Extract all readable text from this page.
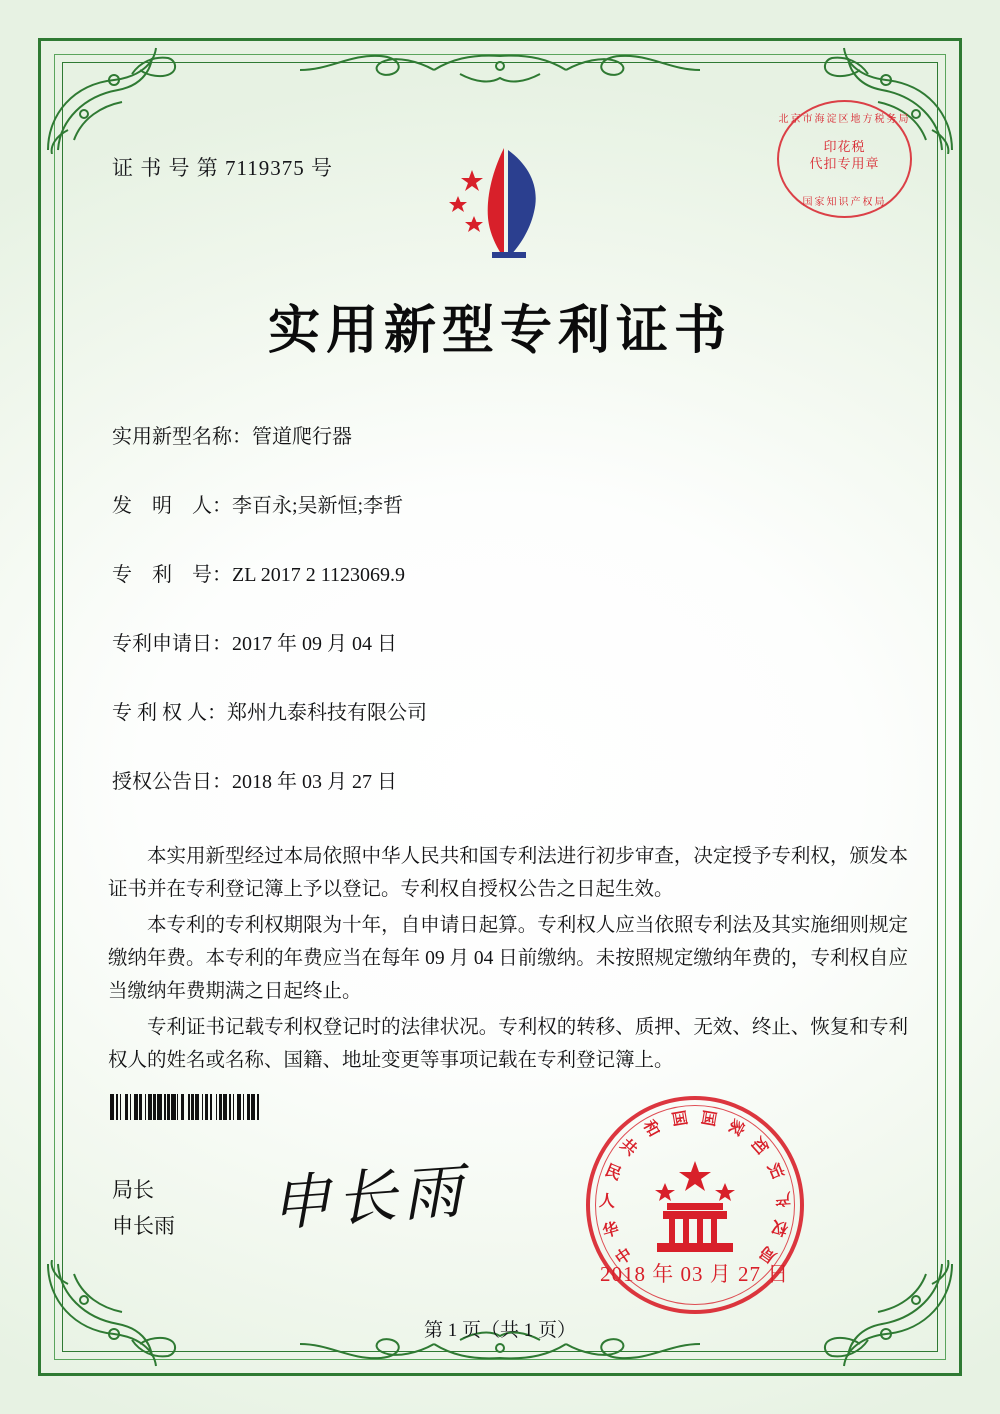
证 书 号 第 7119375 号
北京市海淀区地方税务局
印花税
代扣专用章
国家知识产权局
实用新型专利证书
实用新型名称：管道爬行器
发　明　人：李百永;吴新恒;李哲
专　利　号：ZL 2017 2 1123069.9
专利申请日：2017 年 09 月 04 日
专 利 权 人：郑州九泰科技有限公司
授权公告日：2018 年 03 月 27 日

本实用新型经过本局依照中华人民共和国专利法进行初步审查，决定授予专利权，颁发本证书并在专利登记簿上予以登记。专利权自授权公告之日起生效。

本专利的专利权期限为十年，自申请日起算。专利权人应当依照专利法及其实施细则规定缴纳年费。本专利的年费应当在每年 09 月 04 日前缴纳。未按照规定缴纳年费的，专利权自应当缴纳年费期满之日起终止。

专利证书记载专利权登记时的法律状况。专利权的转移、质押、无效、终止、恢复和专利权人的姓名或名称、国籍、地址变更等事项记载在专利登记簿上。

局长
申长雨 申长雨
中
华
人
民
共
和 国 国 家
知
识
产
权
局
2018 年 03 月 27 日
第 1 页（共 1 页）
